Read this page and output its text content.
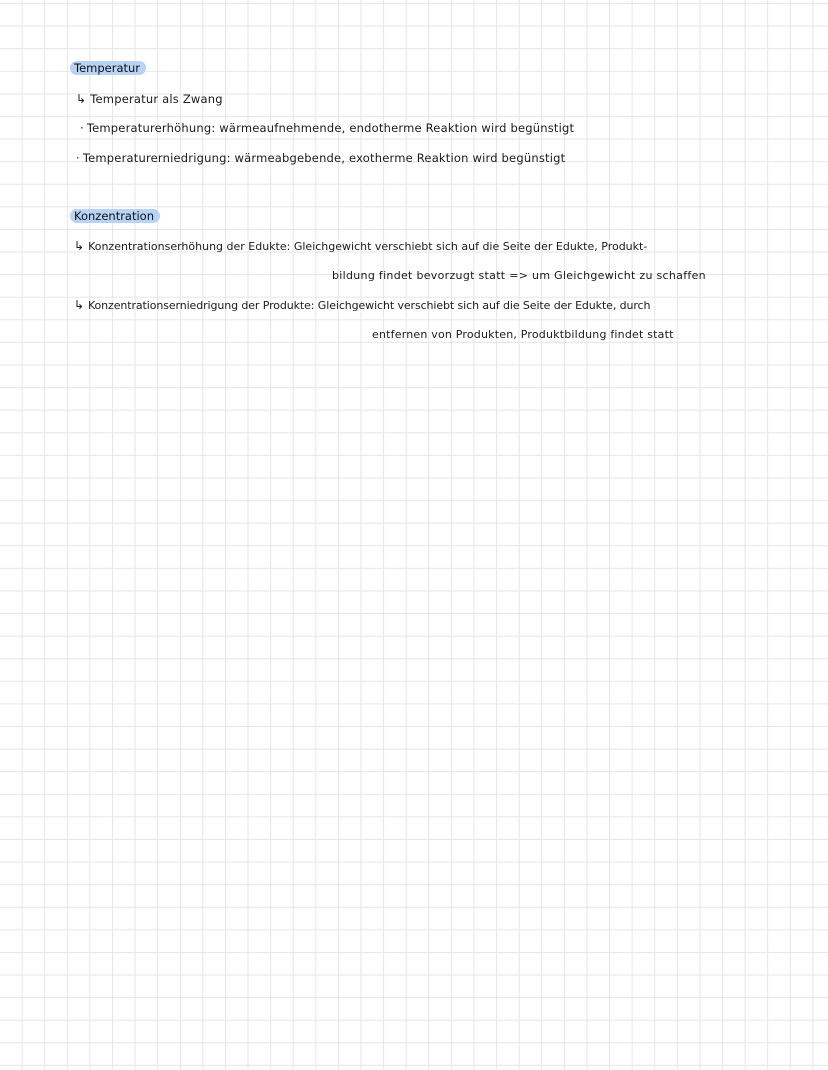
Temperatur
↳ Temperatur als Zwang
· Temperaturerhöhung: wärmeaufnehmende, endotherme Reaktion wird begünstigt
· Temperaturerniedrigung: wärmeabgebende, exotherme Reaktion wird begünstigt
Konzentration
↳ Konzentrationserhöhung der Edukte: Gleichgewicht verschiebt sich auf die Seite der Edukte, Produkt-
bildung findet bevorzugt statt => um Gleichgewicht zu schaffen
↳ Konzentrationserniedrigung der Produkte: Gleichgewicht verschiebt sich auf die Seite der Edukte, durch
entfernen von Produkten, Produktbildung findet statt
